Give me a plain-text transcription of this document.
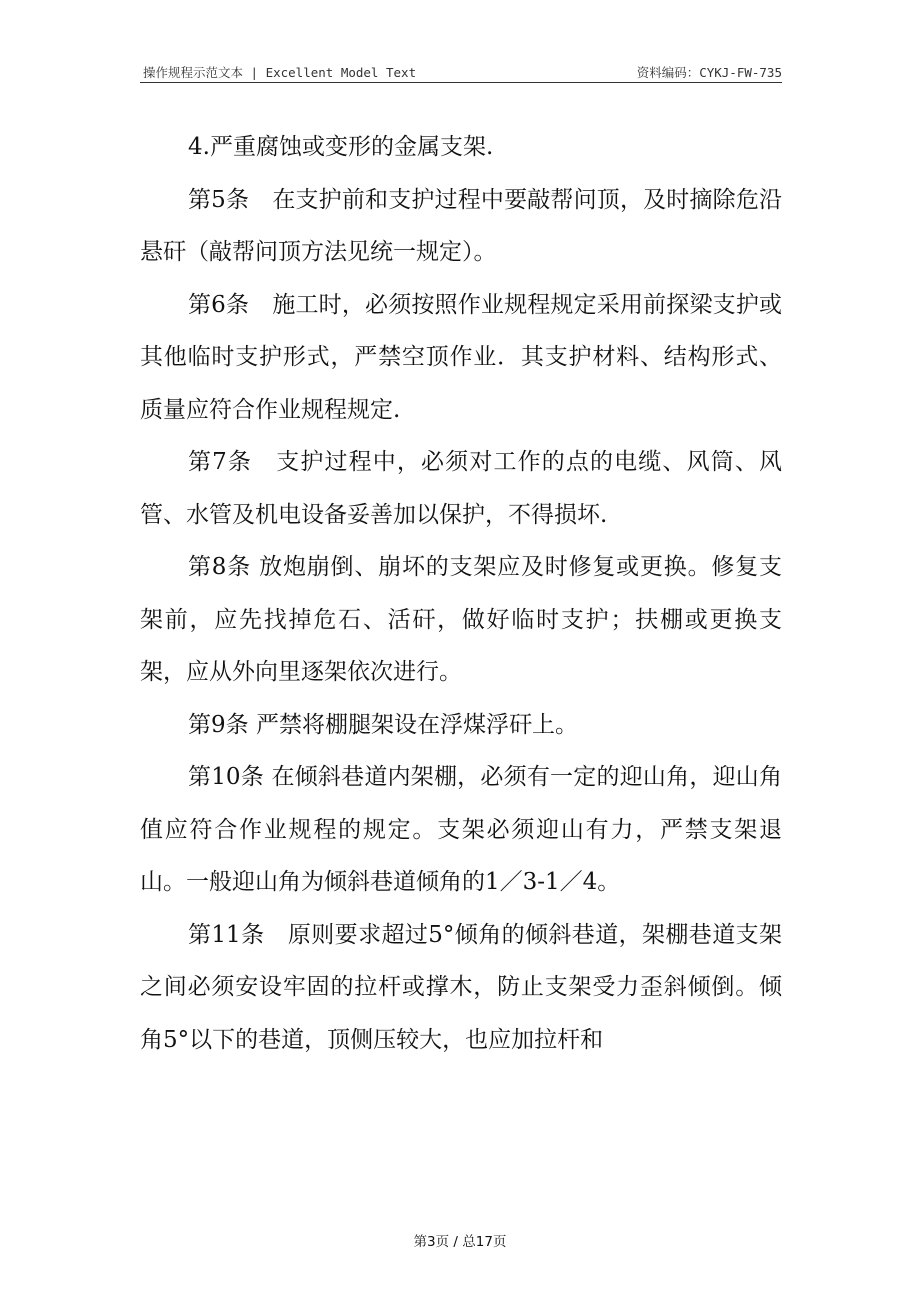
操作规程示范文本 | Excellent Model Text	资料编码：CYKJ-FW-735

4.严重腐蚀或变形的金属支架.

第5条　在支护前和支护过程中要敲帮问顶，及时摘除危沿悬矸（敲帮问顶方法见统一规定）。

第6条　施工时，必须按照作业规程规定采用前探梁支护或其他临时支护形式，严禁空顶作业．其支护材料、结构形式、质量应符合作业规程规定.

第7条　支护过程中，必须对工作的点的电缆、风筒、风管、水管及机电设备妥善加以保护，不得损坏.

第8条 放炮崩倒、崩坏的支架应及时修复或更换。修复支架前，应先找掉危石、活矸，做好临时支护；扶棚或更换支架，应从外向里逐架依次进行。

第9条 严禁将棚腿架设在浮煤浮矸上。

第10条 在倾斜巷道内架棚，必须有一定的迎山角，迎山角值应符合作业规程的规定。支架必须迎山有力，严禁支架退山。一般迎山角为倾斜巷道倾角的1／3-1／4。

第11条　原则要求超过5°倾角的倾斜巷道，架棚巷道支架之间必须安设牢固的拉杆或撑木，防止支架受力歪斜倾倒。倾角5°以下的巷道，顶侧压较大，也应加拉杆和

第3页 / 总17页
